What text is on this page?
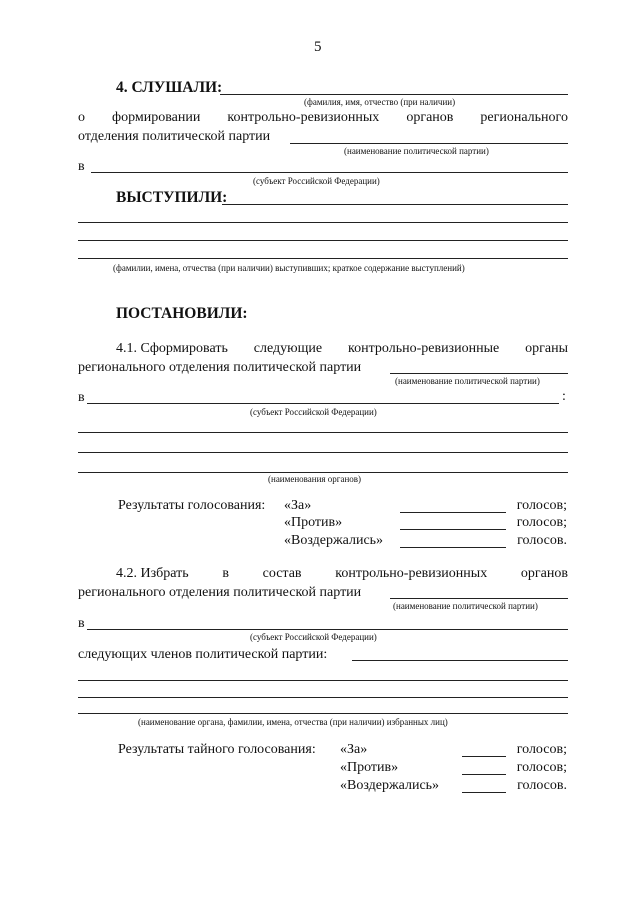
5
4. СЛУШАЛИ:
(фамилия, имя, отчество (при наличии)
о формировании контрольно-ревизионных органов регионального
отделения политической партии
(наименование политической партии)
в
(субъект Российской Федерации)
ВЫСТУПИЛИ:
(фамилии, имена, отчества (при наличии) выступивших; краткое содержание выступлений)
ПОСТАНОВИЛИ:
4.1. Сформировать следующие контрольно-ревизионные органы
регионального отделения политической партии
(наименование политической партии)
в	:
(субъект Российской Федерации)
(наименования органов)
Результаты голосования: «За»	голосов;
«Против»	голосов;
«Воздержались»	голосов.
4.2. Избрать в состав контрольно-ревизионных органов
регионального отделения политической партии
(наименование политической партии)
в
(субъект Российской Федерации)
следующих членов политической партии:
(наименование органа, фамилии, имена, отчества (при наличии) избранных лиц)
Результаты тайного голосования: «За»	голосов;
«Против»	голосов;
«Воздержались»	голосов.
